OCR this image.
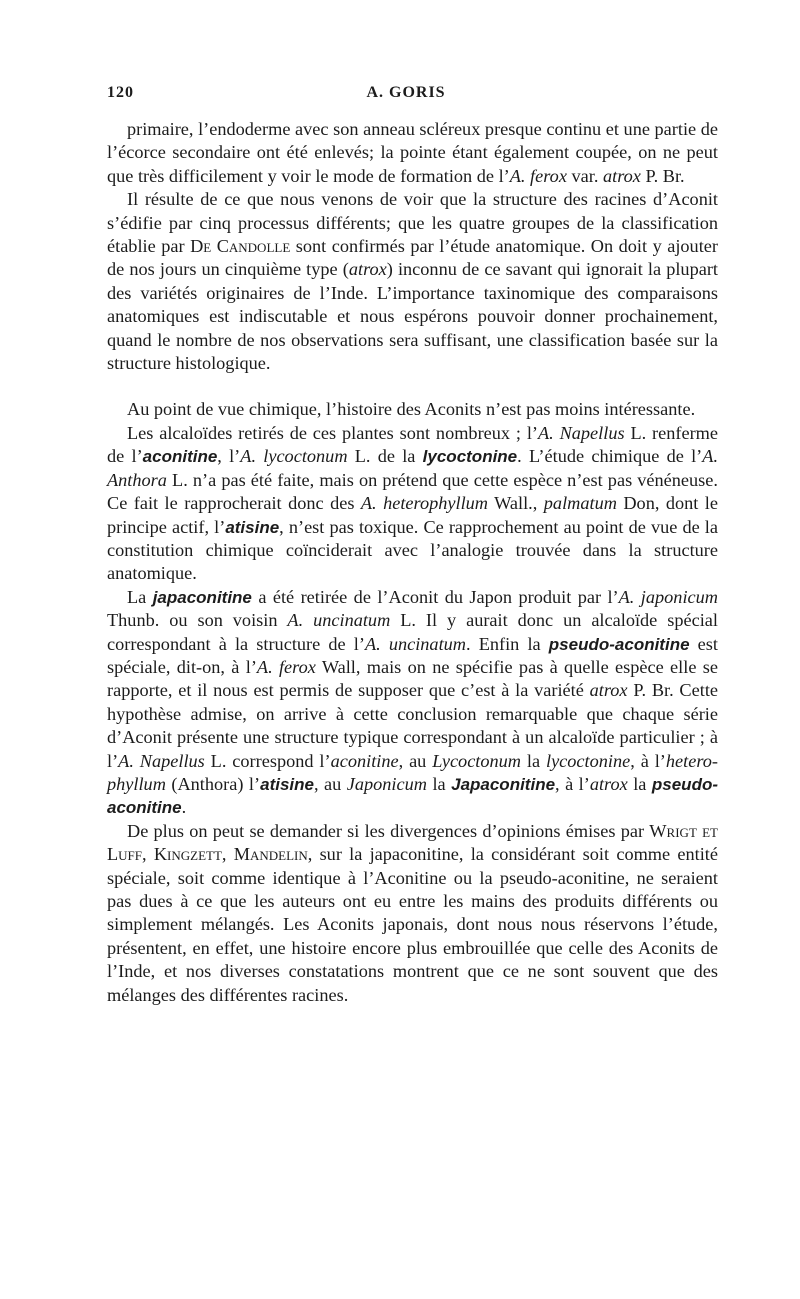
120	A. GORIS

primaire, l’endoderme avec son anneau scléreux presque continu et une partie de l’écorce secondaire ont été enlevés; la pointe étant également coupée, on ne peut que très difficilement y voir le mode de formation de l’A. ferox var. atrox P. Br.

Il résulte de ce que nous venons de voir que la structure des racines d’Aconit s’édifie par cinq processus différents; que les quatre groupes de la classification établie par De Candolle sont confirmés par l’étude anatomique. On doit y ajouter de nos jours un cinquième type (atrox) inconnu de ce savant qui ignorait la plupart des variétés originaires de l’Inde. L’importance taxinomique des comparaisons anatomiques est indiscutable et nous espérons pouvoir donner prochainement, quand le nombre de nos observations sera suffisant, une classification basée sur la structure histologique.

Au point de vue chimique, l’histoire des Aconits n’est pas moins intéressante.

Les alcaloïdes retirés de ces plantes sont nombreux ; l’A. Napellus L. renferme de l’aconitine, l’A. lycoctonum L. de la lycoctonine. L’étude chimique de l’A. Anthora L. n’a pas été faite, mais on prétend que cette espèce n’est pas vénéneuse. Ce fait le rapprocherait donc des A. heterophyllum Wall., palmatum Don, dont le principe actif, l’atisine, n’est pas toxique. Ce rapprochement au point de vue de la constitution chimique coïnciderait avec l’analogie trouvée dans la structure anatomique.

La japaconitine a été retirée de l’Aconit du Japon produit par l’A. japonicum Thunb. ou son voisin A. uncinatum L. Il y aurait donc un alcaloïde spécial correspondant à la structure de l’A. uncinatum. Enfin la pseudo-aconitine est spéciale, dit-on, à l’A. ferox Wall, mais on ne spécifie pas à quelle espèce elle se rapporte, et il nous est permis de supposer que c’est à la variété atrox P. Br. Cette hypothèse admise, on arrive à cette conclusion remarquable que chaque série d’Aconit présente une structure typique correspondant à un alcaloïde particulier ; à l’A. Napellus L. correspond l’aconitine, au Lycoctonum la lycoctonine, à l’heterophyllum (Anthora) l’atisine, au Japonicum la Japaconitine, à l’atrox la pseudo-aconitine.

De plus on peut se demander si les divergences d’opinions émises par Wrigt et Luff, Kingzett, Mandelin, sur la japaconitine, la considérant soit comme entité spéciale, soit comme identique à l’Aconitine ou la pseudo-aconitine, ne seraient pas dues à ce que les auteurs ont eu entre les mains des produits différents ou simplement mélangés. Les Aconits japonais, dont nous nous réservons l’étude, présentent, en effet, une histoire encore plus embrouillée que celle des Aconits de l’Inde, et nos diverses constatations montrent que ce ne sont souvent que des mélanges des différentes racines.
